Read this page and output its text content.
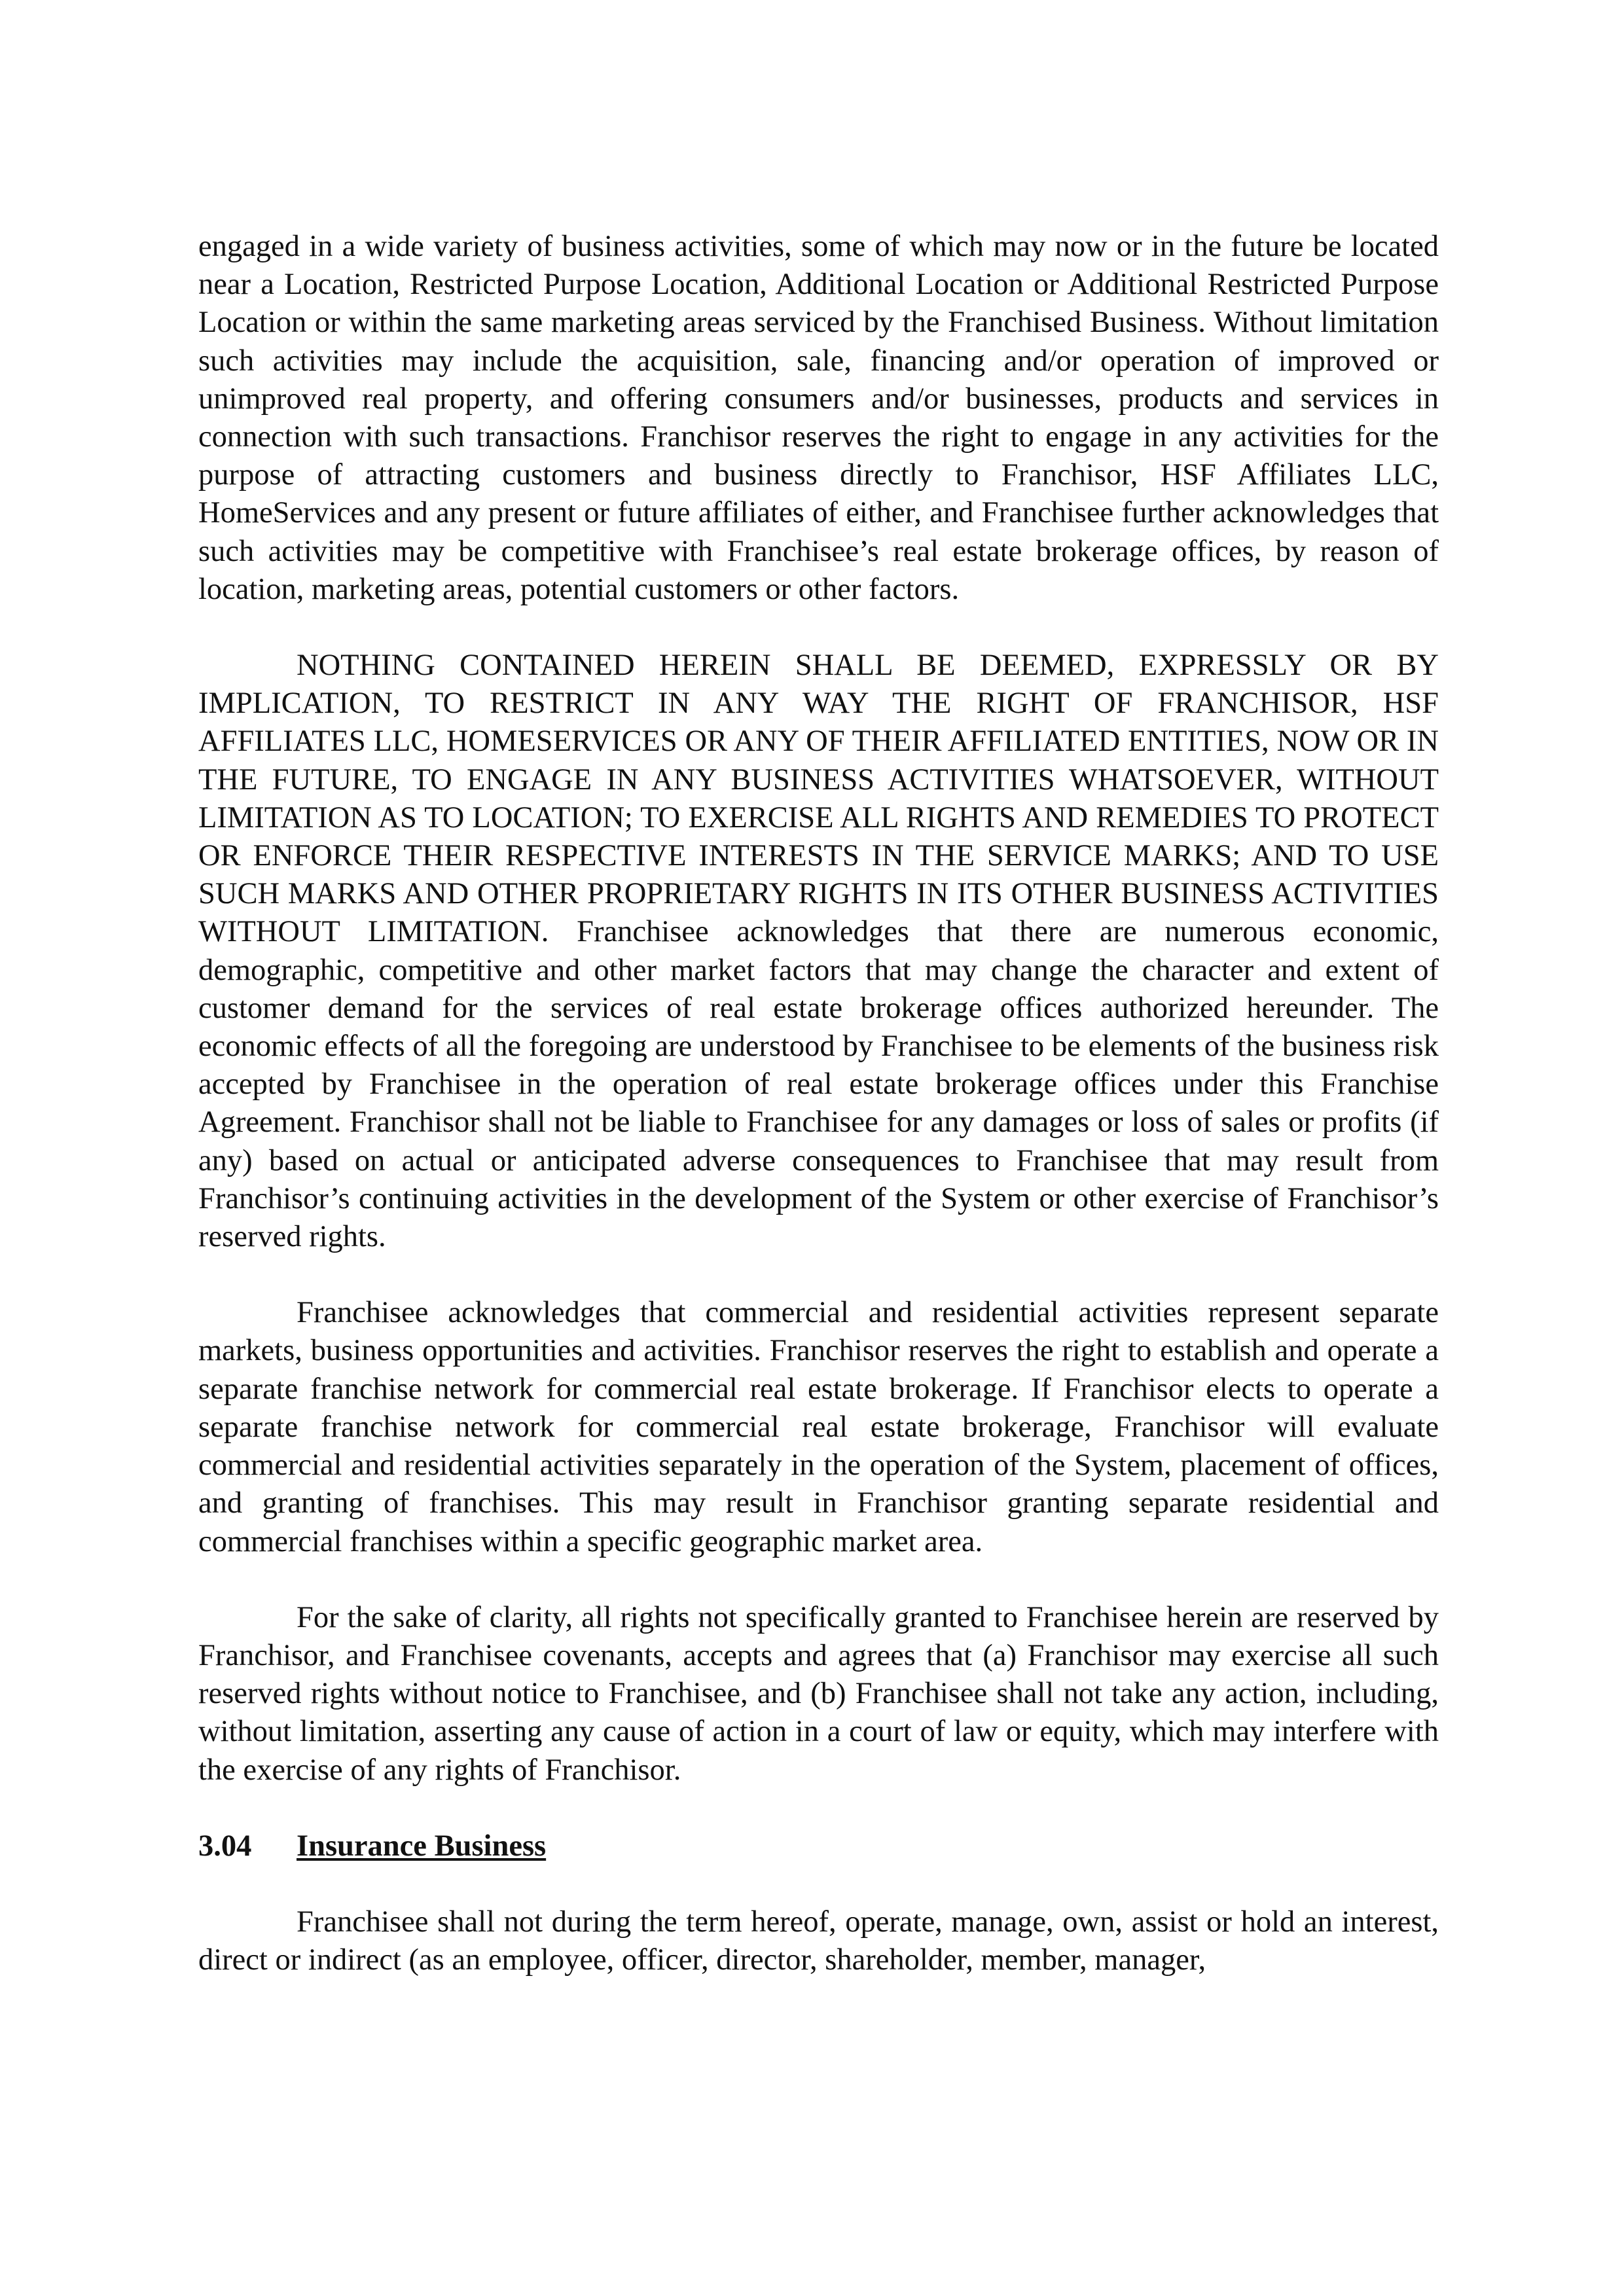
engaged in a wide variety of business activities, some of which may now or in the future be located near a Location, Restricted Purpose Location, Additional Location or Additional Restricted Purpose Location or within the same marketing areas serviced by the Franchised Business. Without limitation such activities may include the acquisition, sale, financing and/or operation of improved or unimproved real property, and offering consumers and/or businesses, products and services in connection with such transactions. Franchisor reserves the right to engage in any activities for the purpose of attracting customers and business directly to Franchisor, HSF Affiliates LLC, HomeServices and any present or future affiliates of either, and Franchisee further acknowledges that such activities may be competitive with Franchisee’s real estate brokerage offices, by reason of location, marketing areas, potential customers or other factors.

NOTHING CONTAINED HEREIN SHALL BE DEEMED, EXPRESSLY OR BY IMPLICATION, TO RESTRICT IN ANY WAY THE RIGHT OF FRANCHISOR, HSF AFFILIATES LLC, HOMESERVICES OR ANY OF THEIR AFFILIATED ENTITIES, NOW OR IN THE FUTURE, TO ENGAGE IN ANY BUSINESS ACTIVITIES WHATSOEVER, WITHOUT LIMITATION AS TO LOCATION; TO EXERCISE ALL RIGHTS AND REMEDIES TO PROTECT OR ENFORCE THEIR RESPECTIVE INTERESTS IN THE SERVICE MARKS; AND TO USE SUCH MARKS AND OTHER PROPRIETARY RIGHTS IN ITS OTHER BUSINESS ACTIVITIES WITHOUT LIMITATION. Franchisee acknowledges that there are numerous economic, demographic, competitive and other market factors that may change the character and extent of customer demand for the services of real estate brokerage offices authorized hereunder. The economic effects of all the foregoing are understood by Franchisee to be elements of the business risk accepted by Franchisee in the operation of real estate brokerage offices under this Franchise Agreement. Franchisor shall not be liable to Franchisee for any damages or loss of sales or profits (if any) based on actual or anticipated adverse consequences to Franchisee that may result from Franchisor’s continuing activities in the development of the System or other exercise of Franchisor’s reserved rights.

Franchisee acknowledges that commercial and residential activities represent separate markets, business opportunities and activities. Franchisor reserves the right to establish and operate a separate franchise network for commercial real estate brokerage. If Franchisor elects to operate a separate franchise network for commercial real estate brokerage, Franchisor will evaluate commercial and residential activities separately in the operation of the System, placement of offices, and granting of franchises. This may result in Franchisor granting separate residential and commercial franchises within a specific geographic market area.

For the sake of clarity, all rights not specifically granted to Franchisee herein are reserved by Franchisor, and Franchisee covenants, accepts and agrees that (a) Franchisor may exercise all such reserved rights without notice to Franchisee, and (b) Franchisee shall not take any action, including, without limitation, asserting any cause of action in a court of law or equity, which may interfere with the exercise of any rights of Franchisor.

3.04	Insurance Business

Franchisee shall not during the term hereof, operate, manage, own, assist or hold an interest, direct or indirect (as an employee, officer, director, shareholder, member, manager,
